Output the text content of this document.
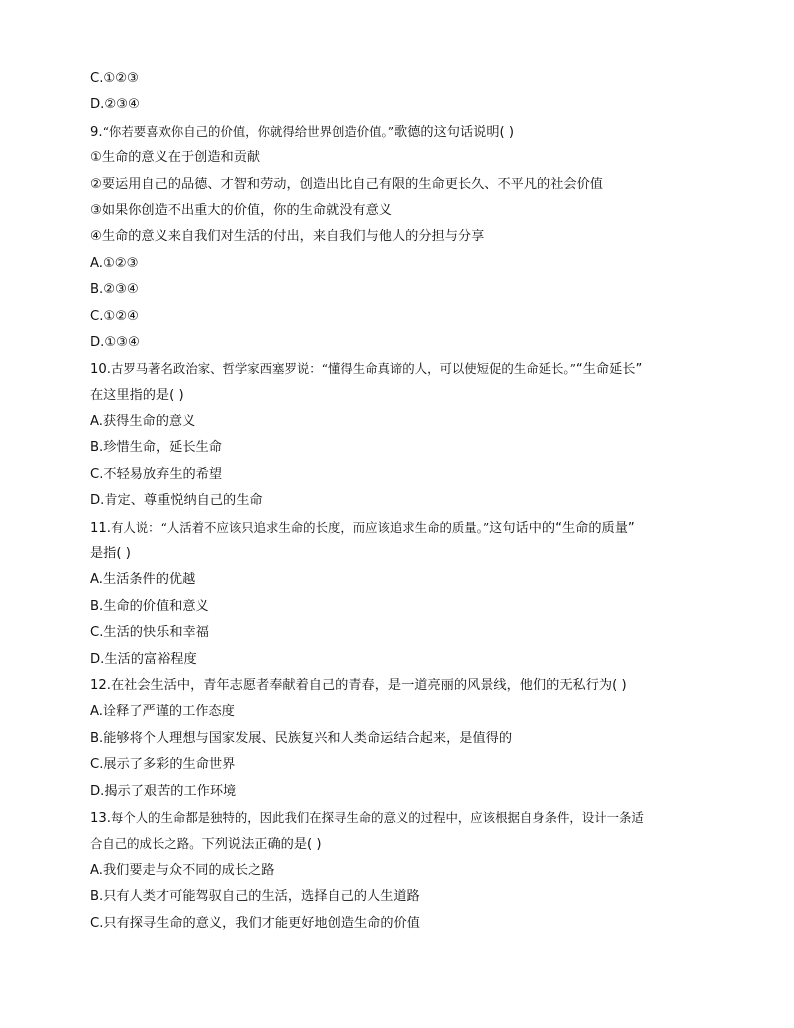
C.①②③
D.②③④
9.“你若要喜欢你自己的价值，你就得给世界创造价值。”歌德的这句话说明( )
①生命的意义在于创造和贡献
②要运用自己的品德、才智和劳动，创造出比自己有限的生命更长久、不平凡的社会价值
③如果你创造不出重大的价值，你的生命就没有意义
④生命的意义来自我们对生活的付出，来自我们与他人的分担与分享
A.①②③
B.②③④
C.①②④
D.①③④
10.古罗马著名政治家、哲学家西塞罗说：“懂得生命真谛的人，可以使短促的生命延长。”“生命延长”
在这里指的是( )
A.获得生命的意义
B.珍惜生命，延长生命
C.不轻易放弃生的希望
D.肯定、尊重悦纳自己的生命
11.有人说：“人活着不应该只追求生命的长度，而应该追求生命的质量。”这句话中的“生命的质量”
是指( )
A.生活条件的优越
B.生命的价值和意义
C.生活的快乐和幸福
D.生活的富裕程度
12.在社会生活中，青年志愿者奉献着自己的青春，是一道亮丽的风景线，他们的无私行为( )
A.诠释了严谨的工作态度
B.能够将个人理想与国家发展、民族复兴和人类命运结合起来，是值得的
C.展示了多彩的生命世界
D.揭示了艰苦的工作环境
13.每个人的生命都是独特的，因此我们在探寻生命的意义的过程中，应该根据自身条件，设计一条适
合自己的成长之路。下列说法正确的是( )
A.我们要走与众不同的成长之路
B.只有人类才可能驾驭自己的生活，选择自己的人生道路
C.只有探寻生命的意义，我们才能更好地创造生命的价值
